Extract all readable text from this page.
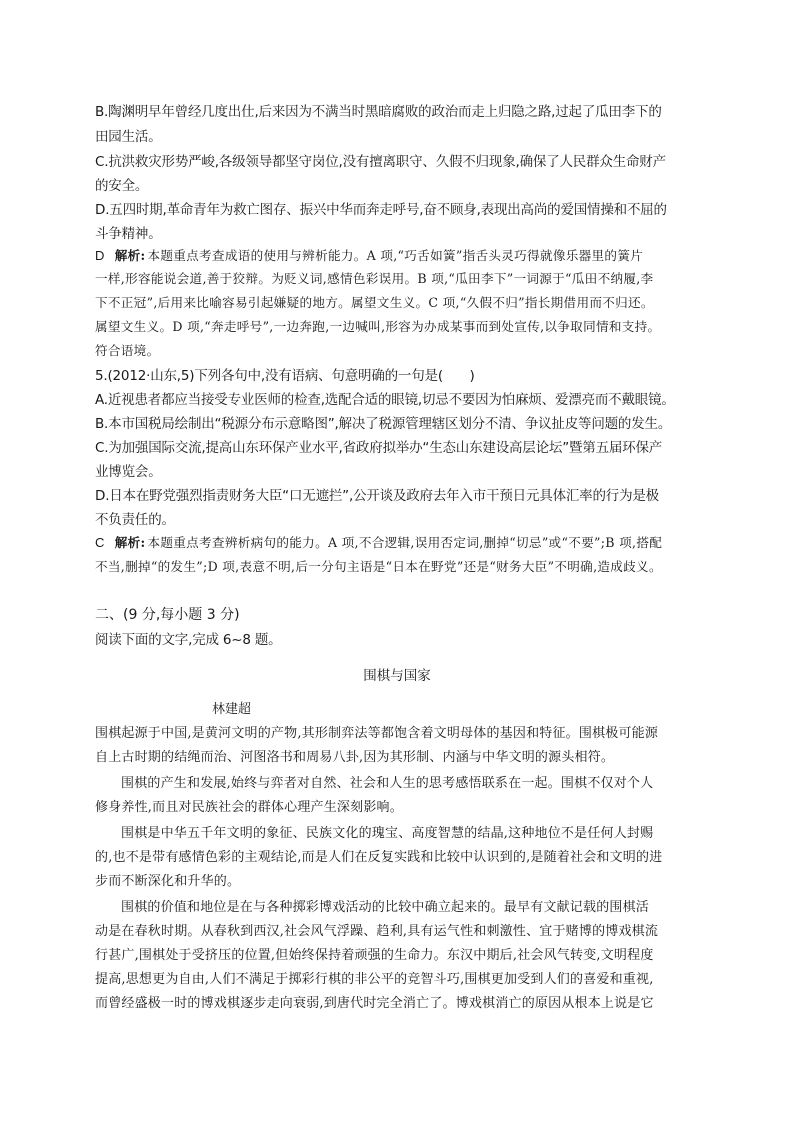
B.陶渊明早年曾经几度出仕,后来因为不满当时黑暗腐败的政治而走上归隐之路,过起了瓜田李下的
田园生活。
C.抗洪救灾形势严峻,各级领导都坚守岗位,没有擅离职守、久假不归现象,确保了人民群众生命财产
的安全。
D.五四时期,革命青年为救亡图存、振兴中华而奔走呼号,奋不顾身,表现出高尚的爱国情操和不屈的
斗争精神。
D 解析: 本题重点考查成语的使用与辨析能力。A 项,“巧舌如簧”指舌头灵巧得就像乐器里的簧片
一样,形容能说会道,善于狡辩。为贬义词,感情色彩误用。B 项,“瓜田李下”一词源于“瓜田不纳履,李
下不正冠”,后用来比喻容易引起嫌疑的地方。属望文生义。C 项,“久假不归”指长期借用而不归还。
属望文生义。D 项,“奔走呼号”,一边奔跑,一边喊叫,形容为办成某事而到处宣传,以争取同情和支持。
符合语境。
5.(2012·山东,5)下列各句中,没有语病、句意明确的一句是(　　)
A.近视患者都应当接受专业医师的检查,选配合适的眼镜,切忌不要因为怕麻烦、爱漂亮而不戴眼镜。
B.本市国税局绘制出“税源分布示意略图”,解决了税源管理辖区划分不清、争议扯皮等问题的发生。
C.为加强国际交流,提高山东环保产业水平,省政府拟举办“生态山东建设高层论坛”暨第五届环保产
业博览会。
D.日本在野党强烈指责财务大臣“口无遮拦”,公开谈及政府去年入市干预日元具体汇率的行为是极
不负责任的。
C 解析: 本题重点考查辨析病句的能力。A 项,不合逻辑,误用否定词,删掉“切忌”或“不要”;B 项,搭配
不当,删掉“的发生”;D 项,表意不明,后一分句主语是“日本在野党”还是“财务大臣”不明确,造成歧义。
二、(9 分,每小题 3 分)
阅读下面的文字,完成 6~8 题。
围棋与国家
林建超
围棋起源于中国,是黄河文明的产物,其形制弈法等都饱含着文明母体的基因和特征。围棋极可能源
自上古时期的结绳而治、河图洛书和周易八卦,因为其形制、内涵与中华文明的源头相符。
围棋的产生和发展,始终与弈者对自然、社会和人生的思考感悟联系在一起。围棋不仅对个人
修身养性,而且对民族社会的群体心理产生深刻影响。
围棋是中华五千年文明的象征、民族文化的瑰宝、高度智慧的结晶,这种地位不是任何人封赐
的,也不是带有感情色彩的主观结论,而是人们在反复实践和比较中认识到的,是随着社会和文明的进
步而不断深化和升华的。
围棋的价值和地位是在与各种掷彩博戏活动的比较中确立起来的。最早有文献记载的围棋活
动是在春秋时期。从春秋到西汉,社会风气浮躁、趋利,具有运气性和刺激性、宜于赌博的博戏棋流
行甚广,围棋处于受挤压的位置,但始终保持着顽强的生命力。东汉中期后,社会风气转变,文明程度
提高,思想更为自由,人们不满足于掷彩行棋的非公平的竞智斗巧,围棋更加受到人们的喜爱和重视,
而曾经盛极一时的博戏棋逐步走向衰弱,到唐代时完全消亡了。博戏棋消亡的原因从根本上说是它
